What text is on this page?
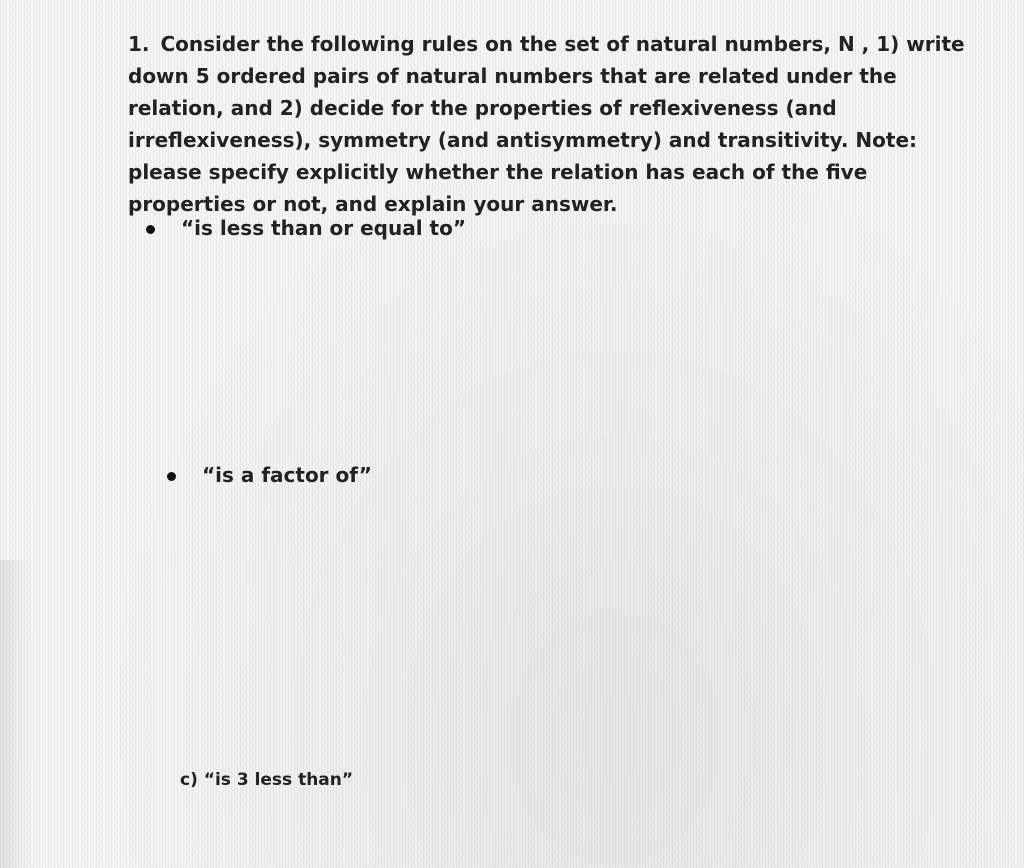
1. Consider the following rules on the set of natural numbers, N , 1) write down 5 ordered pairs of natural numbers that are related under the relation, and 2) decide for the properties of reflexiveness (and irreflexiveness), symmetry (and antisymmetry) and transitivity. Note: please specify explicitly whether the relation has each of the five properties or not, and explain your answer.
“is less than or equal to”
“is a factor of”
c) “is 3 less than”
